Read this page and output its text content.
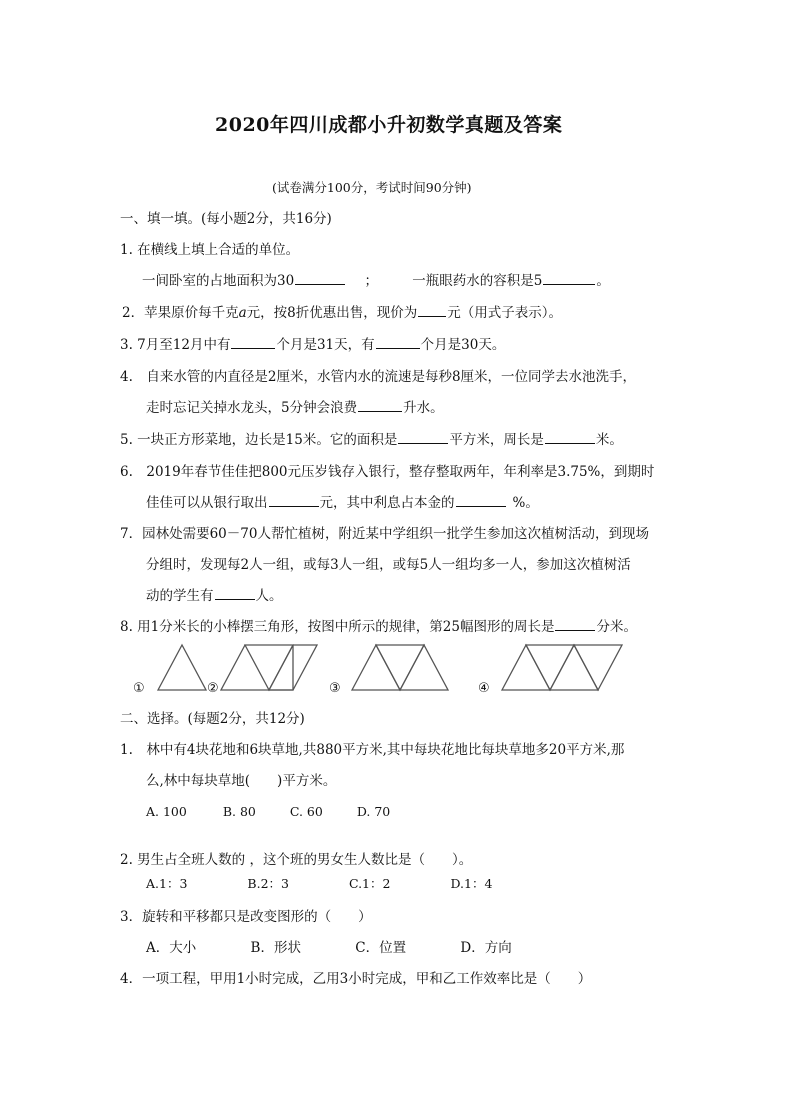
2020年四川成都小升初数学真题及答案
(试卷满分100分，考试时间90分钟)
一、填一填。(每小题2分，共16分)
1. 在横线上填上合适的单位。
一间卧室的占地面积为30	；	一瓶眼药水的容积是5	。
2．苹果原价每千克a元，按8折优惠出售，现价为 元（用式子表示）。
3. 7月至12月中有	个月是31天，有	个月是30天。
4.　自来水管的内直径是2厘米，水管内水的流速是每秒8厘米，一位同学去水池洗手，
走时忘记关掉水龙头，5分钟会浪费	升水。
5. 一块正方形菜地，边长是15米。它的面积是	平方米，周长是	米。
6.　2019年春节佳佳把800元压岁钱存入银行，整存整取两年，年利率是3.75%，到期时
佳佳可以从银行取出	元，其中利息占本金的	%。
7．园林处需要60－70人帮忙植树，附近某中学组织一批学生参加这次植树活动，到现场
分组时，发现每2人一组，或每3人一组，或每5人一组均多一人，参加这次植树活
动的学生有	人。
8. 用1分米长的小棒摆三角形，按图中所示的规律，第25幅图形的周长是	分米。
①	②	③	④
二、选择。(每题2分，共12分)
1.　林中有4块花地和6块草地,共880平方米,其中每块花地比每块草地多20平方米,那
么,林中每块草地(　　)平方米。
A. 100	B. 80	C. 60	D. 70
2. 男生占全班人数的 ，这个班的男女生人数比是（　　）。
A.1：3	B.2：3	C.1：2	D.1：4
3．旋转和平移都只是改变图形的（　　）
A．大小	B．形状	C．位置	D．方向
4．一项工程，甲用1小时完成，乙用3小时完成，甲和乙工作效率比是（　　）
